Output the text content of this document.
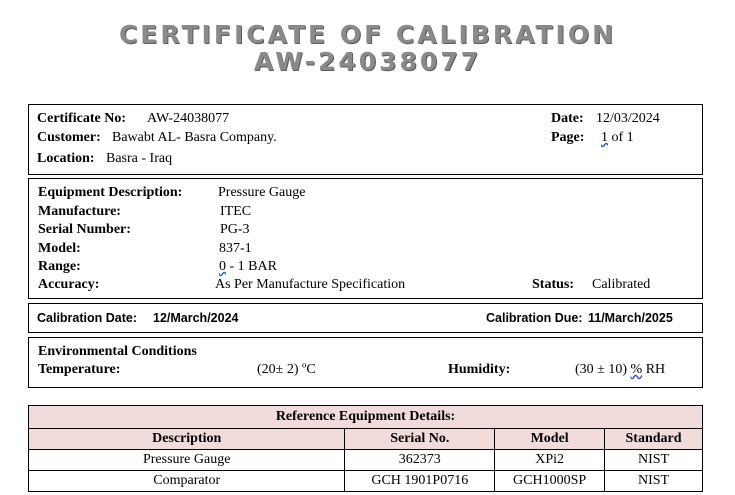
CERTIFICATE OF CALIBRATION
AW-24038077
Certificate No: AW-24038077
Customer: Bawabt AL- Basra Company.
Location: Basra - Iraq
Date: 12/03/2024
Page: 1 of 1
Equipment Description:	Pressure Gauge
Manufacture:	ITEC
Serial Number:	PG-3
Model:	837-1
Range:	0 - 1 BAR
Accuracy:	As Per Manufacture Specification	Status: Calibrated
Calibration Date: 12/March/2024	Calibration Due: 11/March/2025
Environmental Conditions
Temperature:	(20± 2) ºC	Humidity:	(30 ± 10) % RH
Reference Equipment Details:			
Description	Serial No.	Model	Standard
Pressure Gauge	362373	XPi2	NIST
Comparator	GCH 1901P0716	GCH1000SP	NIST
